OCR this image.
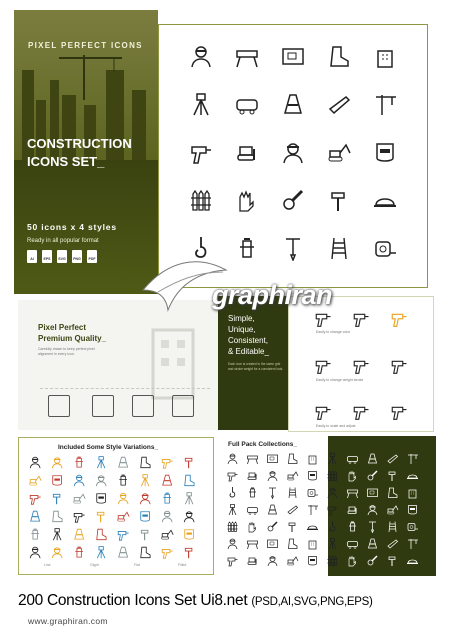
PIXEL PERFECT ICONS
CONSTRUCTION
ICONS SET_
50 icons x 4 styles
Ready in all popular format
AI	EPS	SVG	PNG	PDF
Pixel Perfect
Premium Quality_
Carefully drawn to keep perfect pixel alignment in every icon.
Simple,
Unique,
Consistent,
& Editable_
Each icon is created in the same grid and stroke weight for a consistent look.
Easily to change color
Easily to change weight stroke
Easily to scale and adjust
Included Some Style Variations_
Line	Glyph	Flat	Filled
Full Pack Collections_
graphiran
200 Construction Icons Set Ui8.net (PSD,AI,SVG,PNG,EPS)
www.graphiran.com
